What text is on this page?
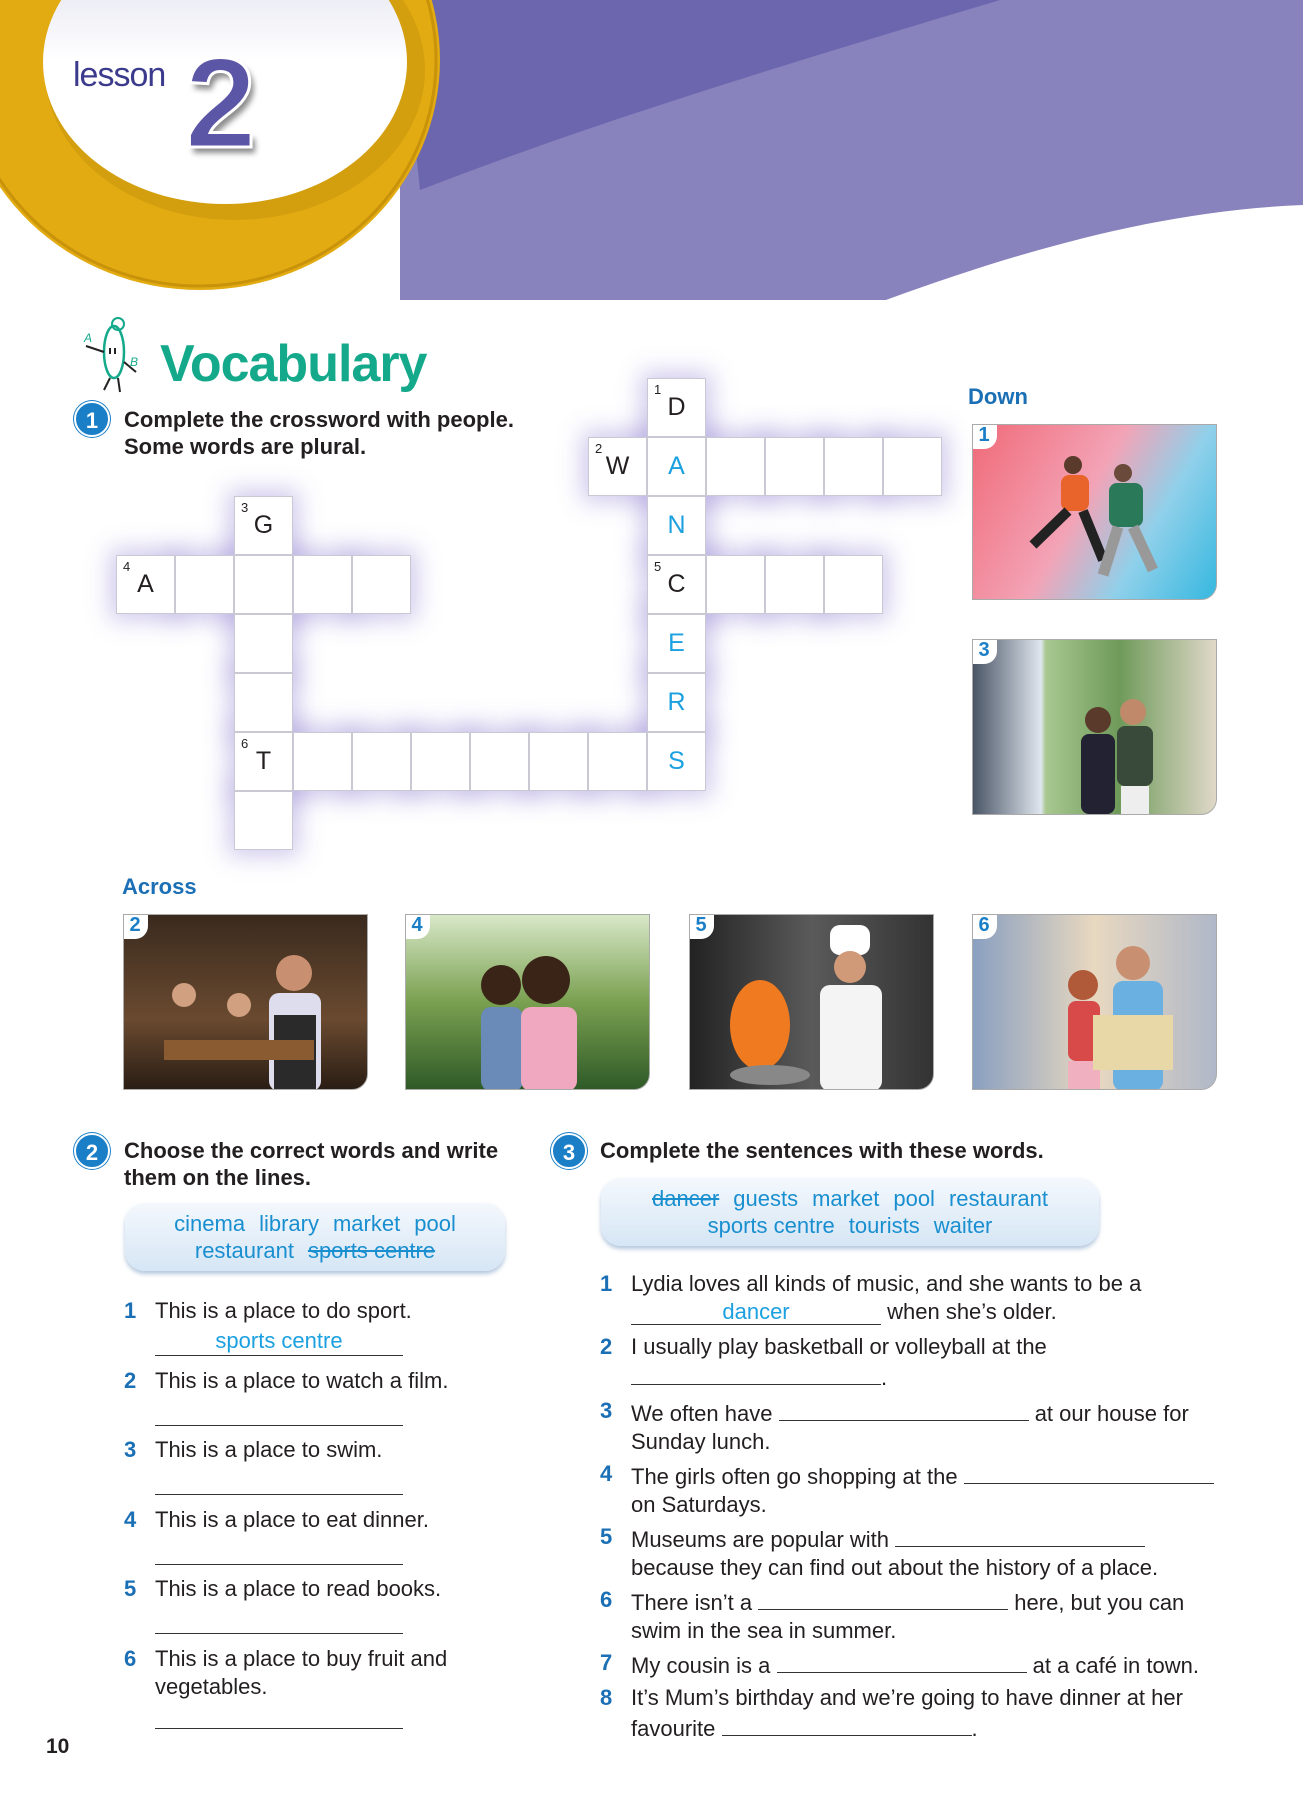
lesson 2
A
B Vocabulary
1	Complete the crossword with people.
Some words are plural.
1
D
A
N
5
C
E
R
S
2
W
3
G
6
T
4
A
Down
1
3
Across
2	4	5	6
2	Choose the correct words and write
them on the lines.
cinema library market pool
restaurant sports centre
1 This is a place to do sport.
sports centre
2 This is a place to watch a film.
3 This is a place to swim.
4 This is a place to eat dinner.
5 This is a place to read books.
6 This is a place to buy fruit and
vegetables.
3	Complete the sentences with these words.
dancer guests market pool restaurant
sports centre tourists waiter
1 Lydia loves all kinds of music, and she wants to be a
dancer	when she’s older.
2 I usually play basketball or volleyball at the
.
3 We often have	at our house for
Sunday lunch.
4 The girls often go shopping at the
on Saturdays.
5 Museums are popular with
because they can find out about the history of a place.
6 There isn’t a	here, but you can
swim in the sea in summer.
7 My cousin is a	at a café in town.
8 It’s Mum’s birthday and we’re going to have dinner at her
favourite	.
10
